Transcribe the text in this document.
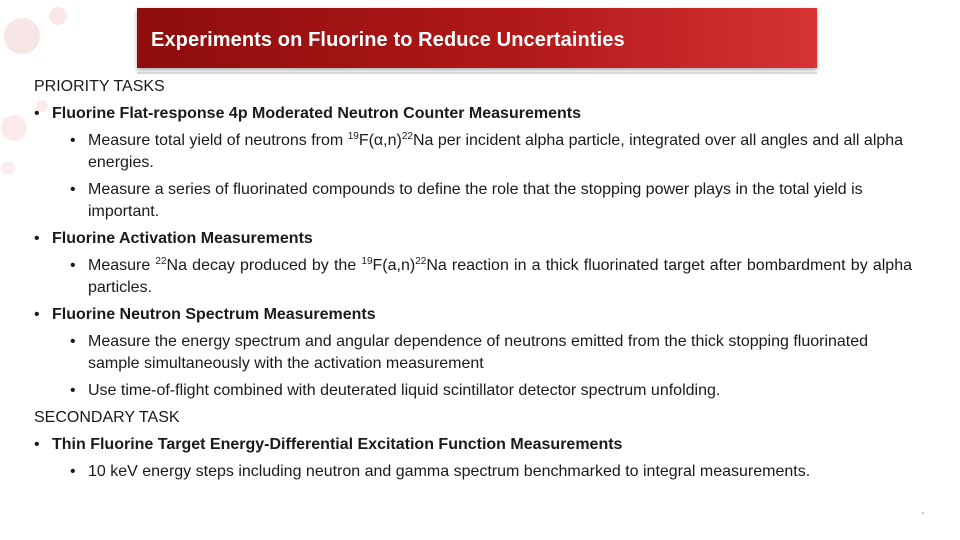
Experiments on Fluorine to Reduce Uncertainties
PRIORITY TASKS
• Fluorine Flat-response 4p Moderated Neutron Counter Measurements
• Measure total yield of neutrons from $^{19}F(\alpha,n)^{22}Na$ per incident alpha particle, integrated over all angles and all alpha energies.
• Measure a series of fluorinated compounds to define the role that the stopping power plays in the total yield is important.
• Fluorine Activation Measurements
• Measure $^{22}$Na decay produced by the $^{19}F(a,n)^{22}Na$ reaction in a thick fluorinated target after bombardment by alpha particles.
• Fluorine Neutron Spectrum Measurements
• Measure the energy spectrum and angular dependence of neutrons emitted from the thick stopping fluorinated sample simultaneously with the activation measurement
• Use time-of-flight combined with deuterated liquid scintillator detector spectrum unfolding.
SECONDARY TASK
• Thin Fluorine Target Energy-Differential Excitation Function Measurements
• 10 keV energy steps including neutron and gamma spectrum benchmarked to integral measurements.
